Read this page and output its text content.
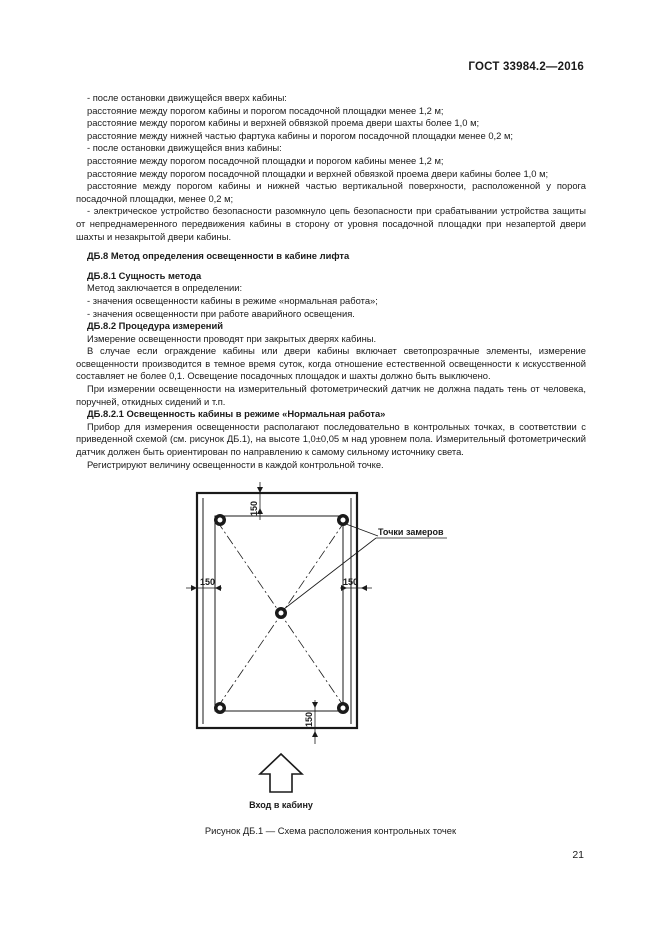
ГОСТ 33984.2—2016

- после остановки движущейся вверх кабины:

расстояние между порогом кабины и порогом посадочной площадки менее 1,2 м;

расстояние между порогом кабины и верхней обвязкой проема двери шахты более 1,0 м;

расстояние между нижней частью фартука кабины и порогом посадочной площадки менее 0,2 м;

- после остановки движущейся вниз кабины:

расстояние между порогом посадочной площадки и порогом кабины менее 1,2 м;

расстояние между порогом посадочной площадки и верхней обвязкой проема двери кабины более 1,0 м;

расстояние между порогом кабины и нижней частью вертикальной поверхности, расположенной у порога посадочной площадки, менее 0,2 м;

- электрическое устройство безопасности разомкнуло цепь безопасности при срабатывании устройства защиты от непреднамеренного передвижения кабины в сторону от уровня посадочной площадки при незапертой двери шахты и незакрытой двери кабины.

ДБ.8 Метод определения освещенности в кабине лифта

ДБ.8.1 Сущность метода

Метод заключается в определении:

- значения освещенности кабины в режиме «нормальная работа»;

- значения освещенности при работе аварийного освещения.

ДБ.8.2 Процедура измерений

Измерение освещенности проводят при закрытых дверях кабины.

В случае если ограждение кабины или двери кабины включает светопрозрачные элементы, измерение освещенности производится в темное время суток, когда отношение естественной освещенности к искусственной составляет не более 0,1. Освещение посадочных площадок и шахты должно быть выключено.

При измерении освещенности на измерительный фотометрический датчик не должна падать тень от человека, поручней, откидных сидений и т.п.

ДБ.8.2.1 Освещенность кабины в режиме «Нормальная работа»

Прибор для измерения освещенности располагают последовательно в контрольных точках, в соответствии с приведенной схемой (см. рисунок ДБ.1), на высоте 1,0±0,05 м над уровнем пола. Измерительный фотометрический датчик должен быть ориентирован по направлению к самому сильному источнику света.

Регистрируют величину освещенности в каждой контрольной точке.

150
150	150
150
Точки замеров
Вход в кабину
Рисунок ДБ.1 — Схема расположения контрольных точек
21
